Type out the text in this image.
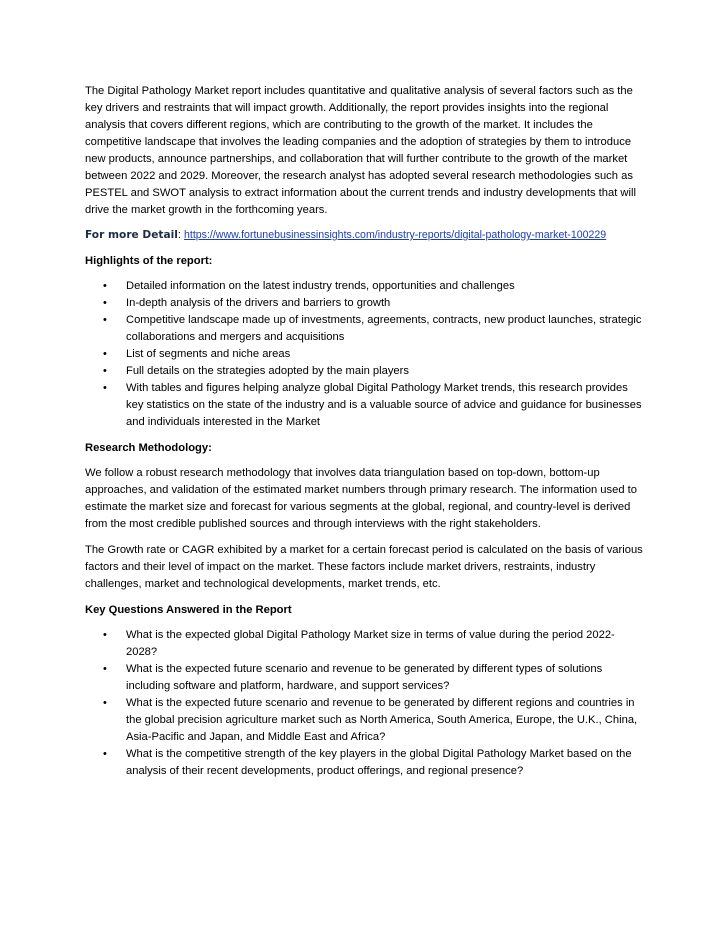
The Digital Pathology Market report includes quantitative and qualitative analysis of several factors such as the key drivers and restraints that will impact growth. Additionally, the report provides insights into the regional analysis that covers different regions, which are contributing to the growth of the market. It includes the competitive landscape that involves the leading companies and the adoption of strategies by them to introduce new products, announce partnerships, and collaboration that will further contribute to the growth of the market between 2022 and 2029. Moreover, the research analyst has adopted several research methodologies such as PESTEL and SWOT analysis to extract information about the current trends and industry developments that will drive the market growth in the forthcoming years.

For more Detail: https://www.fortunebusinessinsights.com/industry-reports/digital-pathology-market-100229

Highlights of the report:
• Detailed information on the latest industry trends, opportunities and challenges
• In-depth analysis of the drivers and barriers to growth
• Competitive landscape made up of investments, agreements, contracts, new product launches, strategic collaborations and mergers and acquisitions
• List of segments and niche areas
• Full details on the strategies adopted by the main players
• With tables and figures helping analyze global Digital Pathology Market trends, this research provides key statistics on the state of the industry and is a valuable source of advice and guidance for businesses and individuals interested in the Market
Research Methodology:

We follow a robust research methodology that involves data triangulation based on top-down, bottom-up approaches, and validation of the estimated market numbers through primary research. The information used to estimate the market size and forecast for various segments at the global, regional, and country-level is derived from the most credible published sources and through interviews with the right stakeholders.

The Growth rate or CAGR exhibited by a market for a certain forecast period is calculated on the basis of various factors and their level of impact on the market. These factors include market drivers, restraints, industry challenges, market and technological developments, market trends, etc.

Key Questions Answered in the Report
• What is the expected global Digital Pathology Market size in terms of value during the period 2022-2028?
• What is the expected future scenario and revenue to be generated by different types of solutions including software and platform, hardware, and support services?
• What is the expected future scenario and revenue to be generated by different regions and countries in the global precision agriculture market such as North America, South America, Europe, the U.K., China, Asia-Pacific and Japan, and Middle East and Africa?
• What is the competitive strength of the key players in the global Digital Pathology Market based on the analysis of their recent developments, product offerings, and regional presence?
